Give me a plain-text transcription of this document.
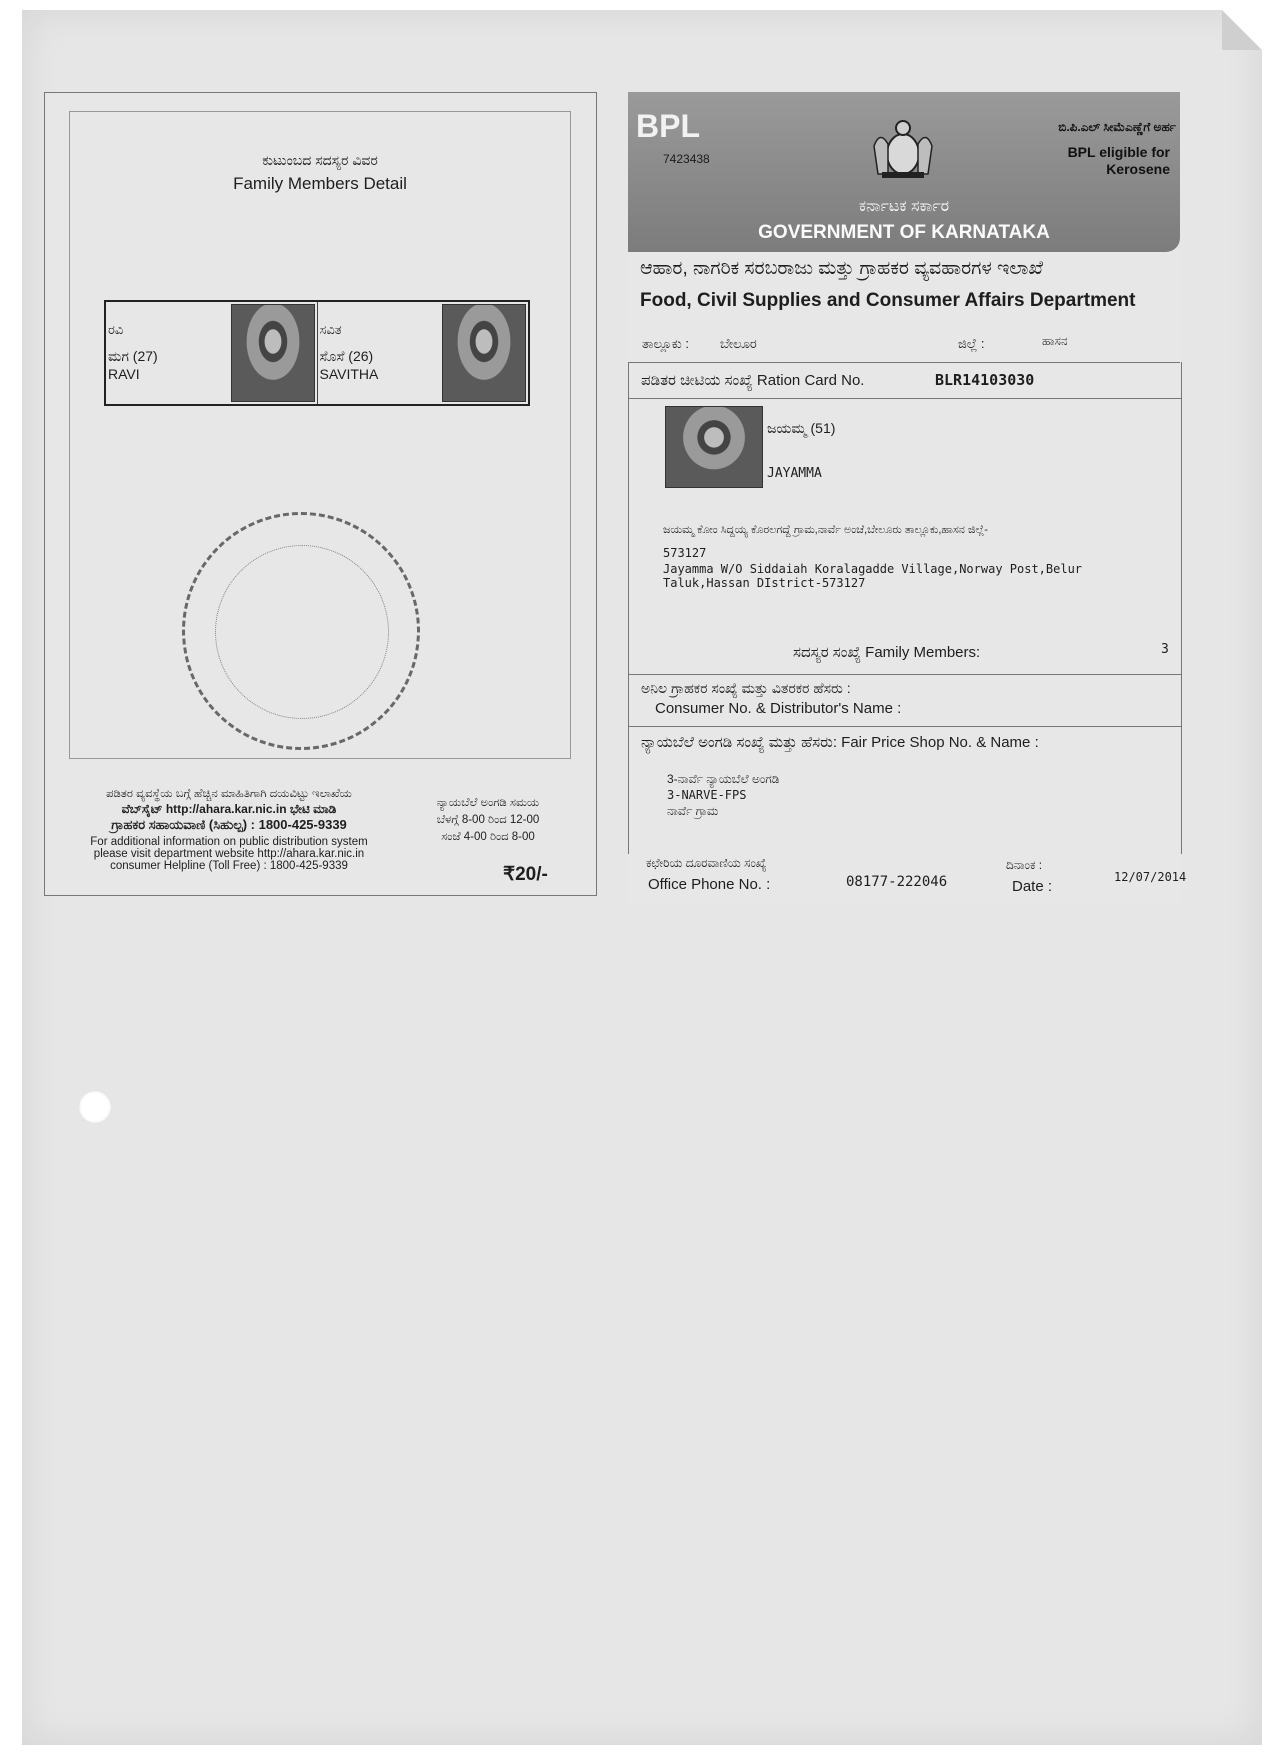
ಕುಟುಂಬದ ಸದಸ್ಯರ ವಿವರ
Family Members Detail
ರವಿ
ಮಗ (27)
RAVI
ಸವಿತ
ಸೊಸೆ (26)
SAVITHA
ಪಡಿತರ ವ್ಯವಸ್ಥೆಯ ಬಗ್ಗೆ ಹೆಚ್ಚಿನ ಮಾಹಿತಿಗಾಗಿ ದಯವಿಟ್ಟು ಇಲಾಖೆಯ
ವೆಬ್‌ಸೈಟ್ http://ahara.kar.nic.in ಭೇಟಿ ಮಾಡಿ
ಗ್ರಾಹಕರ ಸಹಾಯವಾಣಿ (ಸಿಹುಲ್ಪ) : 1800-425-9339
For additional information on public distribution system
please visit department website http://ahara.kar.nic.in
consumer Helpline (Toll Free) : 1800-425-9339
ನ್ಯಾಯಬೆಲೆ ಅಂಗಡಿ ಸಮಯ
ಬೆಳಗ್ಗೆ 8-00 ರಿಂದ 12-00
ಸಂಜೆ 4-00 ರಿಂದ 8-00
₹20/-
BPL
7423438
ಕರ್ನಾಟಕ ಸರ್ಕಾರ
GOVERNMENT OF KARNATAKA
ಬಿ.ಪಿ.ಎಲ್ ಸೀಮೆಎಣ್ಣೆಗೆ ಅರ್ಹ
BPL eligible for Kerosene
ಆಹಾರ, ನಾಗರಿಕ ಸರಬರಾಜು ಮತ್ತು ಗ್ರಾಹಕರ ವ್ಯವಹಾರಗಳ ಇಲಾಖೆ
Food, Civil Supplies and Consumer Affairs Department
ತಾಲ್ಲೂಕು : ಬೇಲೂರ	ಜಿಲ್ಲೆ :	ಹಾಸನ
ಪಡಿತರ ಚೀಟಿಯ ಸಂಖ್ಯೆ Ration Card No.	BLR14103030
ಜಯಮ್ಮ (51)
JAYAMMA
ಜಯಮ್ಮ ಕೋಂ ಸಿದ್ದಯ್ಯ ಕೊರಲಗದ್ದೆ ಗ್ರಾಮ,ನಾರ್ವೆ ಅಂಚೆ,ಬೇಲೂರು ತಾಲ್ಲೂಕು,ಹಾಸನ ಜಿಲ್ಲೆ-
573127
Jayamma W/O Siddaiah Koralagadde Village,Norway Post,Belur
Taluk,Hassan DIstrict-573127
ಸದಸ್ಯರ ಸಂಖ್ಯೆ Family Members:	3
ಅನಿಲ ಗ್ರಾಹಕರ ಸಂಖ್ಯೆ ಮತ್ತು ವಿತರಕರ ಹೆಸರು :
Consumer No. & Distributor's Name :
ನ್ಯಾಯಬೆಲೆ ಅಂಗಡಿ ಸಂಖ್ಯೆ ಮತ್ತು ಹೆಸರು: Fair Price Shop No. & Name :
3-ನಾರ್ವೆ ನ್ಯಾಯಬೆಲೆ ಅಂಗಡಿ
3-NARVE-FPS
ನಾರ್ವೆ ಗ್ರಾಮ
ಕಛೇರಿಯ ದೂರವಾಣಿಯ ಸಂಖ್ಯೆ
Office Phone No. :	08177-222046
ದಿನಾಂಕ :
Date :
12/07/2014
